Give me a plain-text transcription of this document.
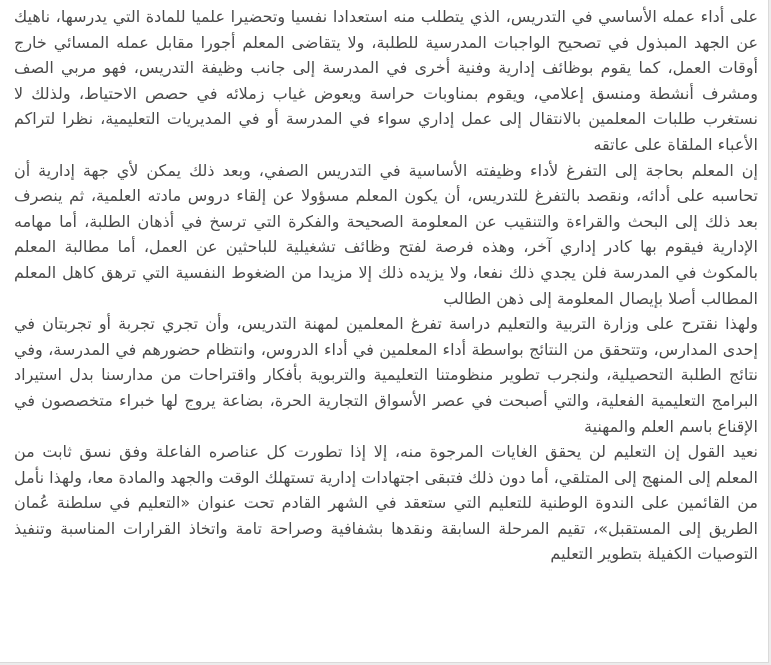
على أداء عمله الأساسي في التدريس، الذي يتطلب منه استعدادا نفسيا وتحضيرا علميا للمادة التي يدرسها، ناهيك عن الجهد المبذول في تصحيح الواجبات المدرسية للطلبة، ولا يتقاضى المعلم أجورا مقابل عمله المسائي خارج أوقات العمل، كما يقوم بوظائف إدارية وفنية أخرى في المدرسة إلى جانب وظيفة التدريس، فهو مربي الصف ومشرف أنشطة ومنسق إعلامي، ويقوم بمناوبات حراسة ويعوض غياب زملائه في حصص الاحتياط، ولذلك لا نستغرب طلبات المعلمين بالانتقال إلى عمل إداري سواء في المدرسة أو في المديريات التعليمية، نظرا لتراكم الأعباء الملقاة على عاتقه

إن المعلم بحاجة إلى التفرغ لأداء وظيفته الأساسية في التدريس الصفي، وبعد ذلك يمكن لأي جهة إدارية أن تحاسبه على أدائه، ونقصد بالتفرغ للتدريس، أن يكون المعلم مسؤولا عن إلقاء دروس مادته العلمية، ثم ينصرف بعد ذلك إلى البحث والقراءة والتنقيب عن المعلومة الصحيحة والفكرة التي ترسخ في أذهان الطلبة، أما مهامه الإدارية فيقوم بها كادر إداري آخر، وهذه فرصة لفتح وظائف تشغيلية للباحثين عن العمل، أما مطالبة المعلم بالمكوث في المدرسة فلن يجدي ذلك نفعا، ولا يزيده ذلك إلا مزيدا من الضغوط النفسية التي ترهق كاهل المعلم المطالب أصلا بإيصال المعلومة إلى ذهن الطالب

ولهذا نقترح على وزارة التربية والتعليم دراسة تفرغ المعلمين لمهنة التدريس، وأن تجري تجربة أو تجربتان في إحدى المدارس، وتتحقق من النتائج بواسطة أداء المعلمين في أداء الدروس، وانتظام حضورهم في المدرسة، وفي نتائج الطلبة التحصيلية، ولنجرب تطوير منظومتنا التعليمية والتربوية بأفكار واقتراحات من مدارسنا بدل استيراد البرامج التعليمية الفعلية، والتي أصبحت في عصر الأسواق التجارية الحرة، بضاعة يروج لها خبراء متخصصون في الإقناع باسم العلم والمهنية

نعيد القول إن التعليم لن يحقق الغايات المرجوة منه، إلا إذا تطورت كل عناصره الفاعلة وفق نسق ثابت من المعلم إلى المنهج إلى المتلقي، أما دون ذلك فتبقى اجتهادات إدارية تستهلك الوقت والجهد والمادة معا، ولهذا نأمل من القائمين على الندوة الوطنية للتعليم التي ستعقد في الشهر القادم تحت عنوان «التعليم في سلطنة عُمان الطريق إلى المستقبل»، تقيم المرحلة السابقة ونقدها بشفافية وصراحة تامة واتخاذ القرارات المناسبة وتنفيذ التوصيات الكفيلة بتطوير التعليم
